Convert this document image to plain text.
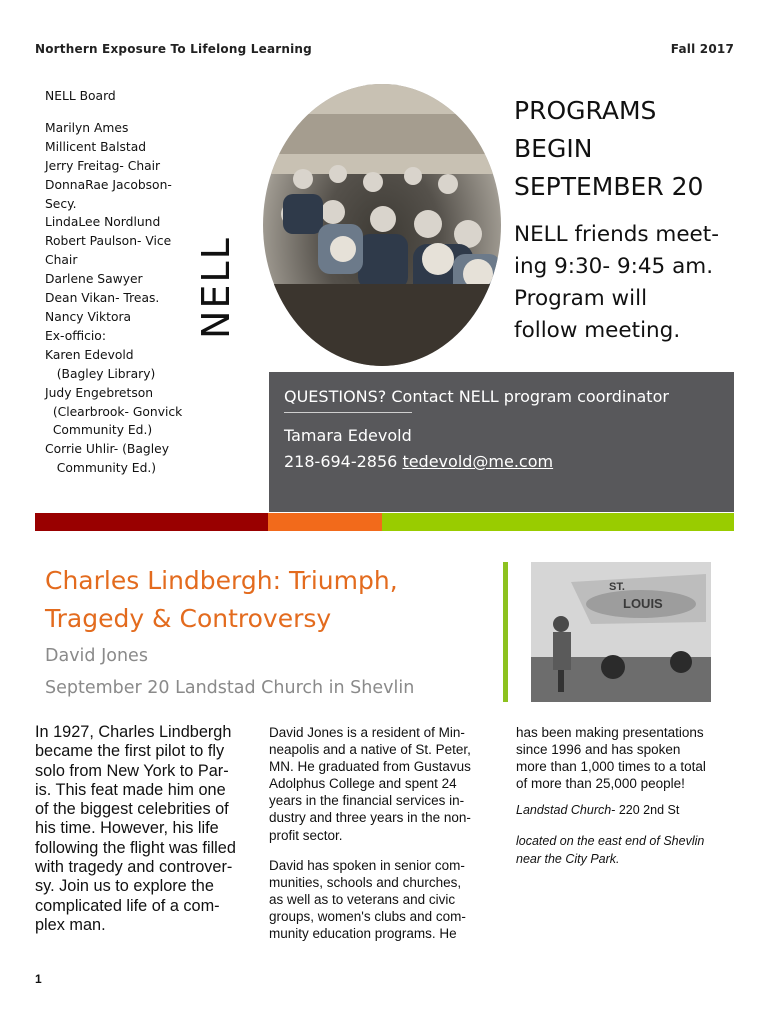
Northern Exposure To Lifelong Learning	Fall 2017
NELL Board
Marilyn Ames
Millicent Balstad
Jerry Freitag- Chair
DonnaRae Jacobson-
Secy.
LindaLee Nordlund
Robert Paulson- Vice
Chair
Darlene Sawyer
Dean Vikan- Treas.
Nancy Viktora
Ex-officio:
Karen Edevold
(Bagley Library)
Judy Engebretson
(Clearbrook- Gonvick
Community Ed.)
Corrie Uhlir- (Bagley
Community Ed.)
NELL
PROGRAMS
BEGIN
SEPTEMBER 20
NELL friends meet-
ing 9:30- 9:45 am.
Program will
follow meeting.
QUESTIONS? Contact NELL program coordinator
Tamara Edevold
218-694-2856 tedevold@me.com
Charles Lindbergh: Triumph,
Tragedy & Controversy
David Jones
September 20 Landstad Church in Shevlin
ST.
LOUIS
In 1927, Charles Lindbergh
became the first pilot to fly
solo from New York to Par-
is. This feat made him one
of the biggest celebrities of
his time. However, his life
following the flight was filled
with tragedy and controver-
sy. Join us to explore the
complicated life of a com-
plex man.

David Jones is a resident of Min-
neapolis and a native of St. Peter,
MN. He graduated from Gustavus
Adolphus College and spent 24
years in the financial services in-
dustry and three years in the non-
profit sector.

David has spoken in senior com-
munities, schools and churches,
as well as to veterans and civic
groups, women's clubs and com-
munity education programs. He

has been making presentations
since 1996 and has spoken
more than 1,000 times to a total
of more than 25,000 people!

Landstad Church- 220 2nd St

located on the east end of Shevlin
near the City Park.

1
